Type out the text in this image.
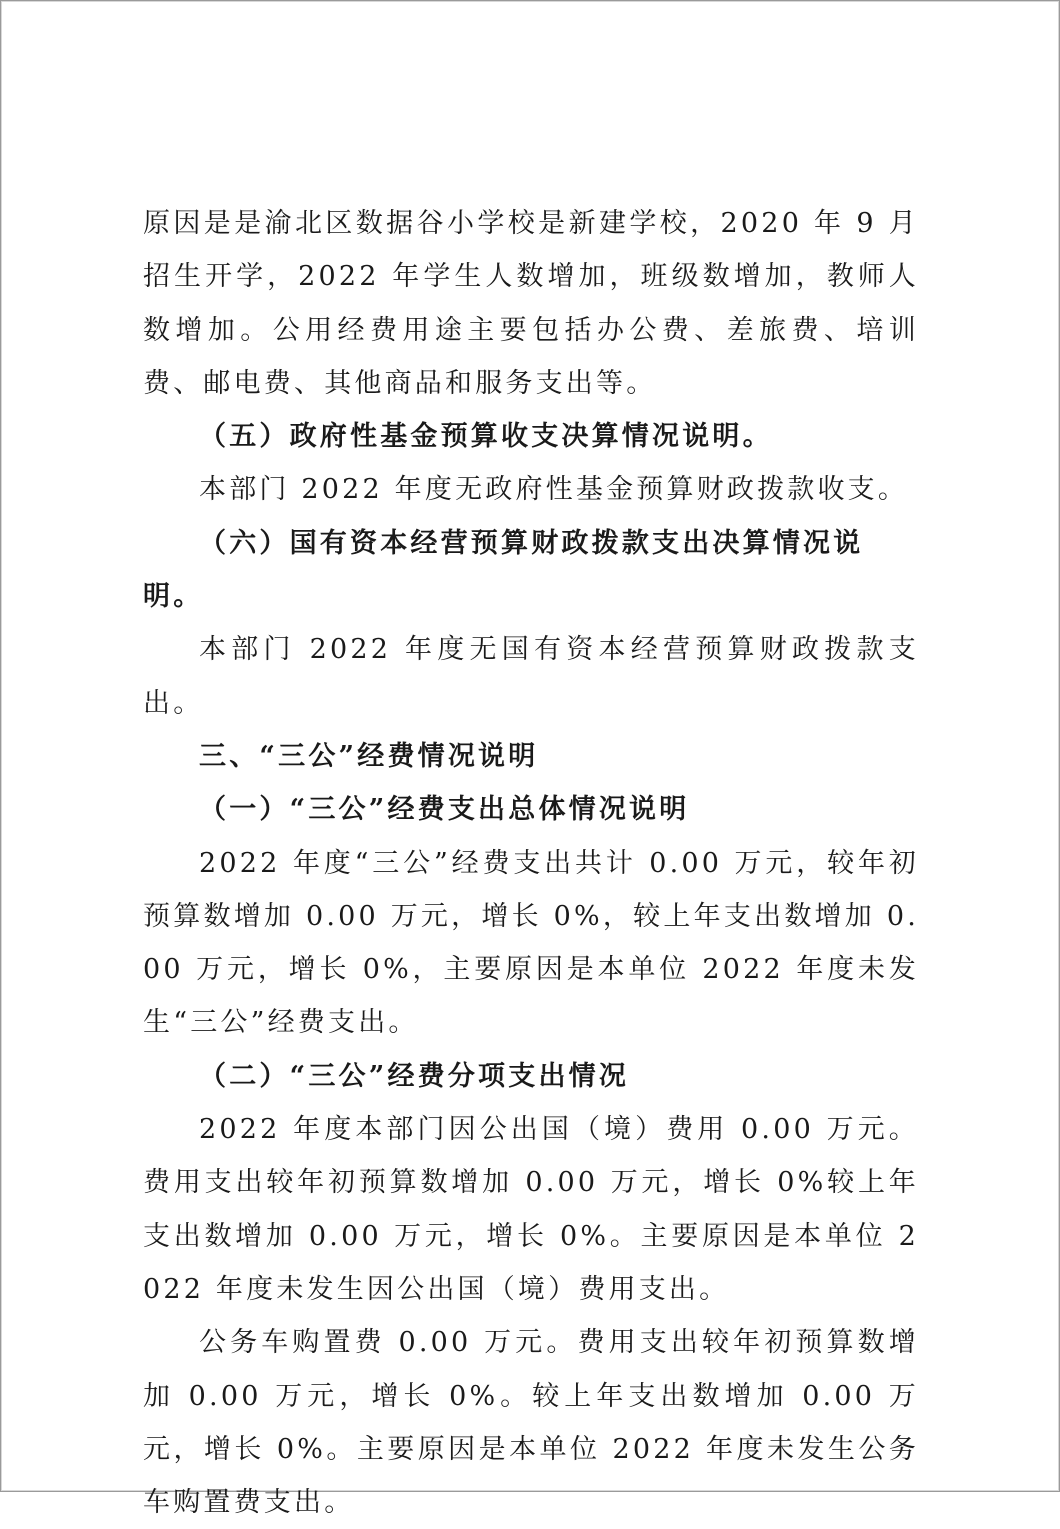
原因是是渝北区数据谷小学校是新建学校，2020 年 9 月招生开学，2022 年学生人数增加，班级数增加，教师人数增加。公用经费用途主要包括办公费、差旅费、培训费、邮电费、其他商品和服务支出等。

（五）政府性基金预算收支决算情况说明。

本部门 2022 年度无政府性基金预算财政拨款收支。

（六）国有资本经营预算财政拨款支出决算情况说明。

本部门 2022 年度无国有资本经营预算财政拨款支出。

三、“三公”经费情况说明

（一）“三公”经费支出总体情况说明

2022 年度“三公”经费支出共计 0.00 万元，较年初预算数增加 0.00 万元，增长 0%，较上年支出数增加 0.00 万元，增长 0%，主要原因是本单位 2022 年度未发生“三公”经费支出。

（二）“三公”经费分项支出情况

2022 年度本部门因公出国（境）费用 0.00 万元。费用支出较年初预算数增加 0.00 万元，增长 0%较上年支出数增加 0.00 万元，增长 0%。主要原因是本单位 2022 年度未发生因公出国（境）费用支出。

公务车购置费 0.00 万元。费用支出较年初预算数增加 0.00 万元，增长 0%。较上年支出数增加 0.00 万元，增长 0%。主要原因是本单位 2022 年度未发生公务车购置费支出。
